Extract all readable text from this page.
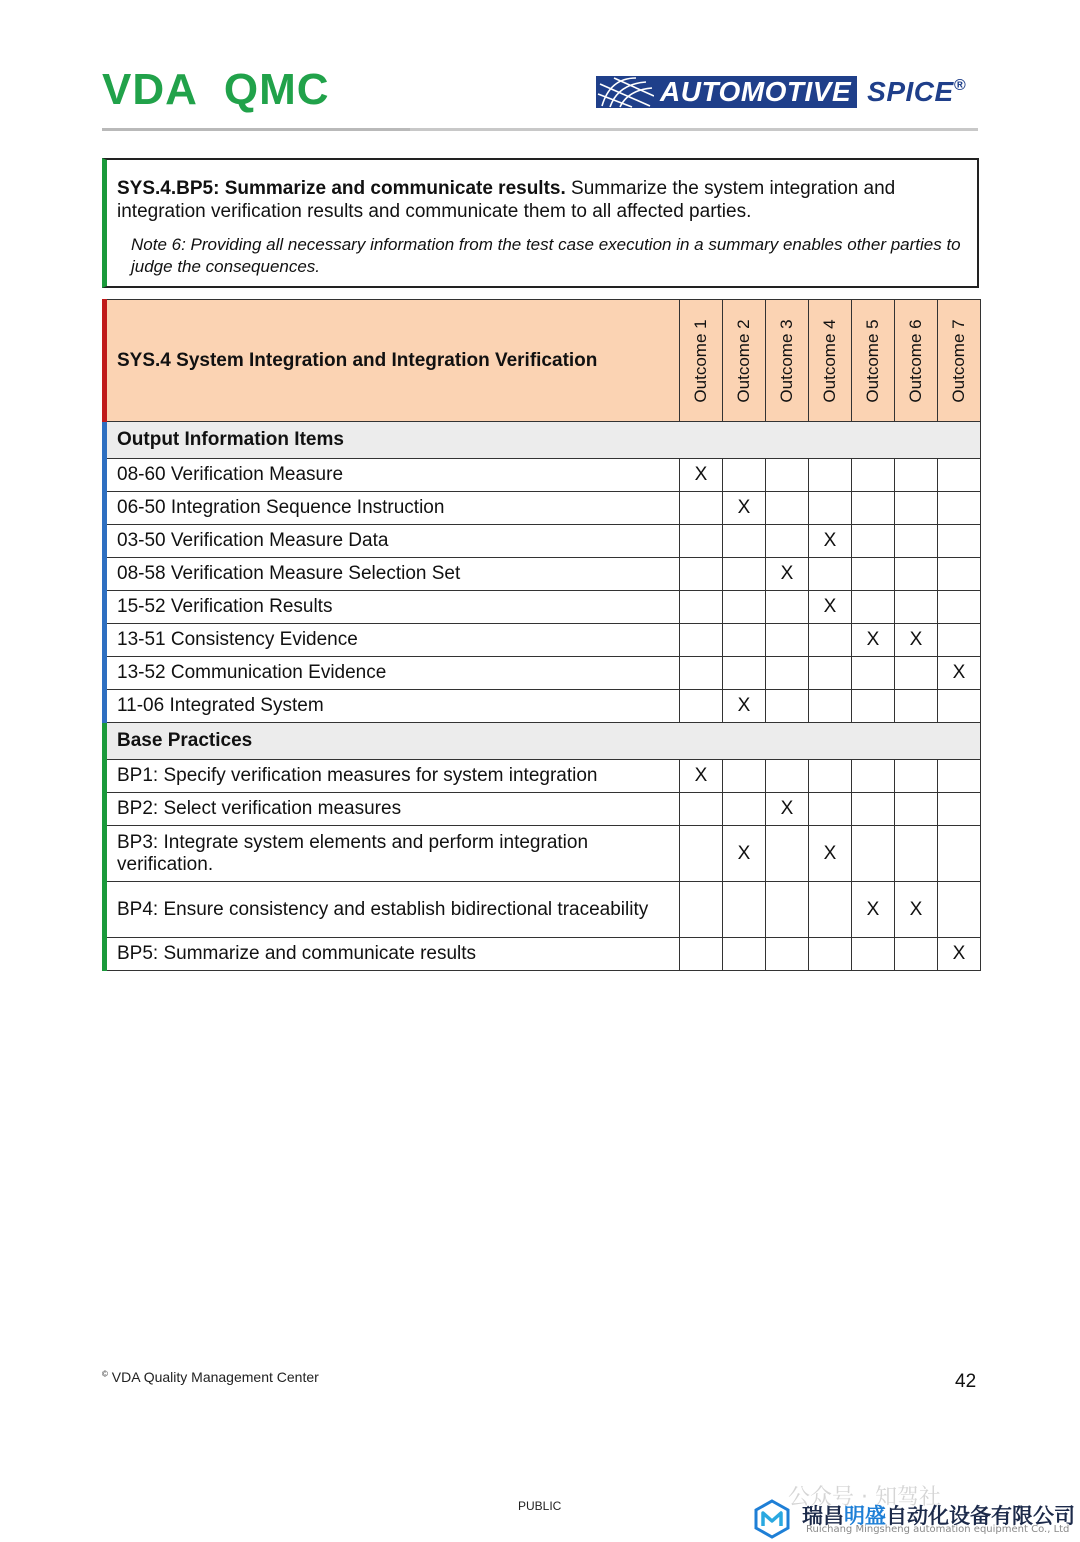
VDA QMC	AUTOMOTIVE SPICE®
SYS.4.BP5: Summarize and communicate results. Summarize the system integration and integration verification results and communicate them to all affected parties.
Note 6: Providing all necessary information from the test case execution in a summary enables other parties to judge the consequences.
SYS.4 System Integration and Integration Verification	Outcome 1	Outcome 2	Outcome 3	Outcome 4	Outcome 5	Outcome 6	Outcome 7

Output Information Items							
08-60 Verification Measure	X						
06-50 Integration Sequence Instruction		X					
03-50 Verification Measure Data				X			
08-58 Verification Measure Selection Set			X				
15-52 Verification Results				X			
13-51 Consistency Evidence					X	X	
13-52 Communication Evidence							X
11-06 Integrated System		X					
Base Practices							
BP1: Specify verification measures for system integration	X						
BP2: Select verification measures			X				
BP3: Integrate system elements and perform integration verification.		X		X			
BP4: Ensure consistency and establish bidirectional traceability					X	X	
BP5: Summarize and communicate results							X
© VDA Quality Management Center	42
PUBLIC	公众号 · 知驾社
瑞昌明盛自动化设备有限公司
Ruichang Mingsheng automation equipment Co., Ltd
